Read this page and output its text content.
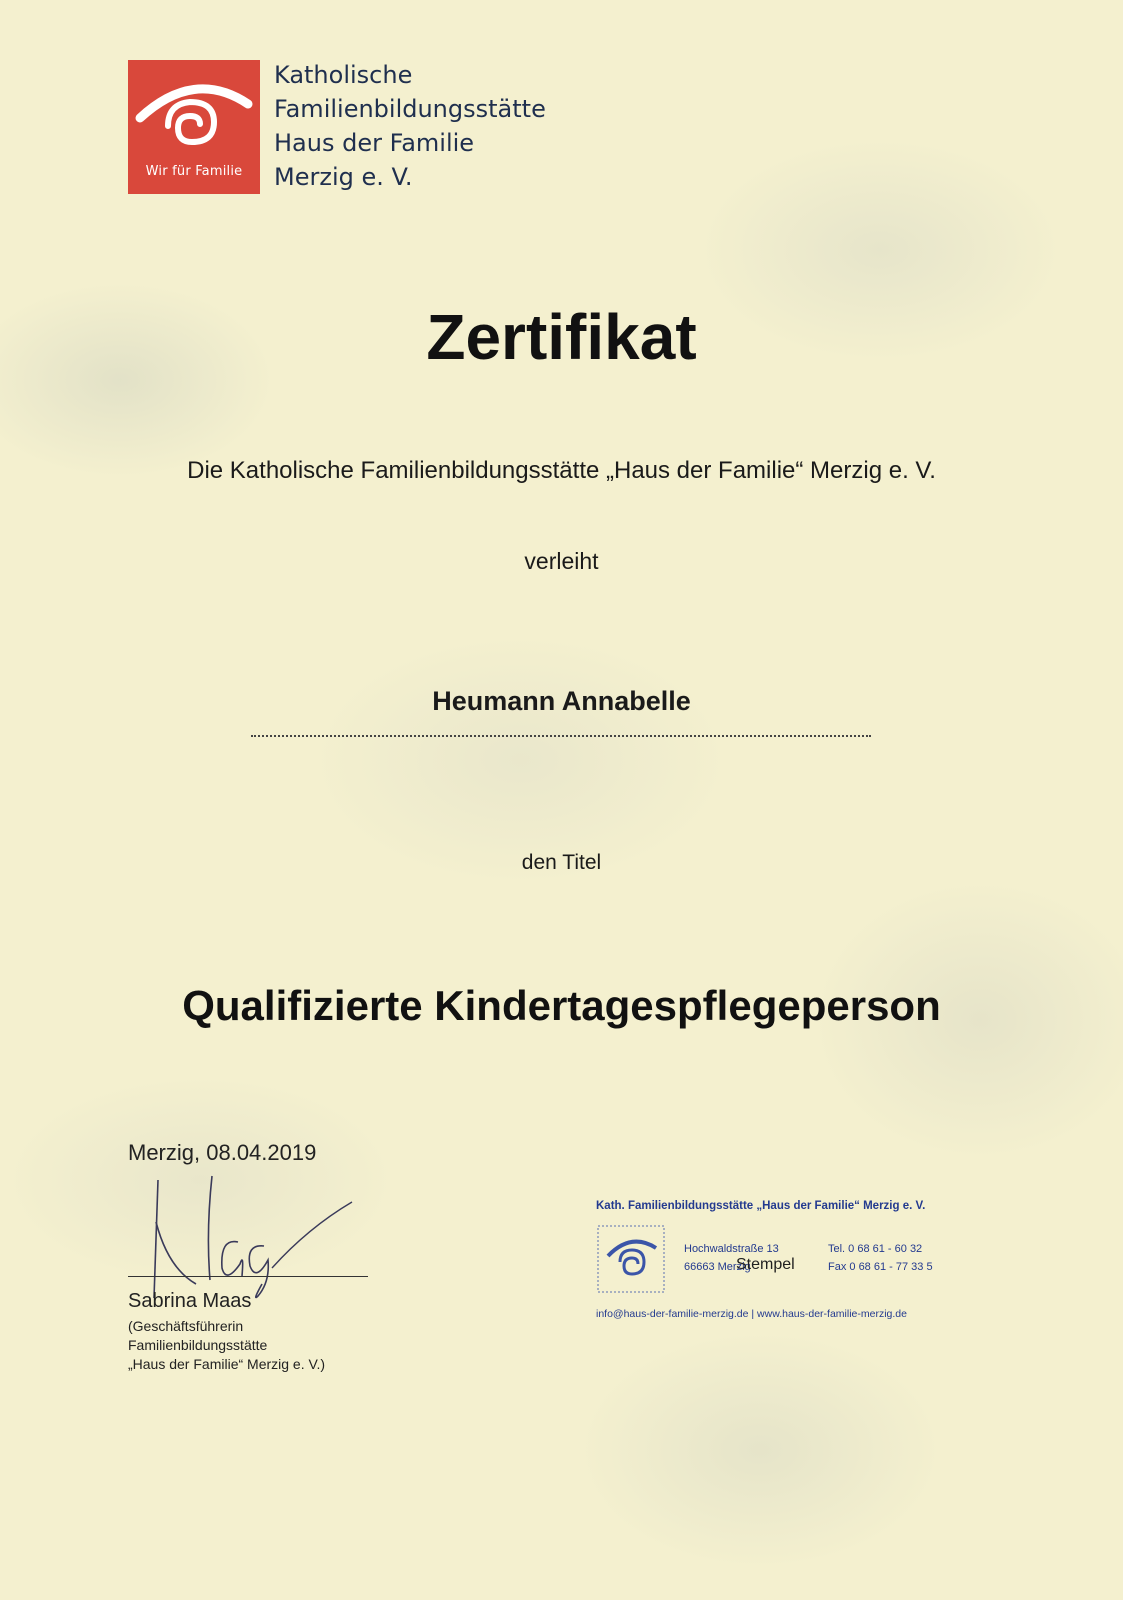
Wir für Familie
Katholische
Familienbildungsstätte
Haus der Familie
Merzig e. V.
Zertifikat
Die Katholische Familienbildungsstätte „Haus der Familie“ Merzig e. V.
verleiht
Heumann Annabelle
den Titel
Qualifizierte Kindertagespflegeperson
Merzig, 08.04.2019
Sabrina Maas
(Geschäftsführerin
Familienbildungsstätte
„Haus der Familie“ Merzig e. V.)
Kath. Familienbildungsstätte „Haus der Familie“ Merzig e. V.
Hochwaldstraße 13
66663 Merzig
Stempel
Tel. 0 68 61 - 60 32
Fax 0 68 61 - 77 33 5
info@haus-der-familie-merzig.de | www.haus-der-familie-merzig.de
